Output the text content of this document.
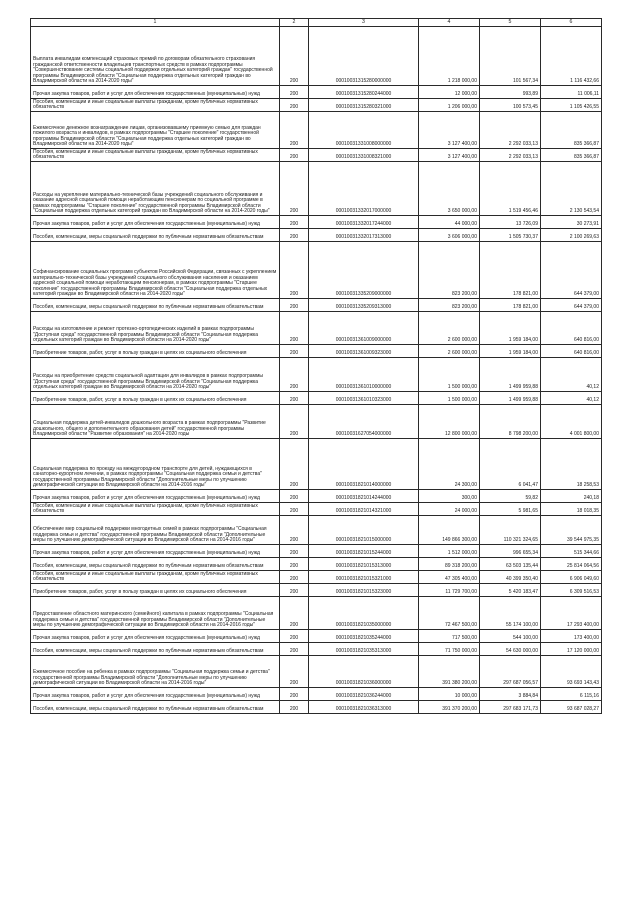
1	2	3	4	5	6
Выплата инвалидам компенсаций страховых премий по договорам обязательного страхования гражданской ответственности владельцев транспортных средств в рамках подпрограммы "Совершенствование системы социальной поддержки отдельных категорий граждан" государственной программы Владимирской области "Социальная поддержка отдельных категорий граждан во Владимирской области на 2014-2020 годы"	200	00010031315280000000	1 218 000,00	101 567,34	1 116 432,66
Прочая закупка товаров, работ и услуг для обеспечения государственных (муниципальных) нужд	200	00010031315280244000	12 000,00	993,89	11 006,11
Пособия, компенсации и иные социальные выплаты гражданам, кроме публичных нормативных обязательств	200	00010031315280321000	1 206 000,00	100 573,45	1 105 426,55
Ежемесячное денежное вознаграждение лицам, организовавшему приемную семью для граждан пожилого возраста и инвалидов, в рамках подпрограммы "Старшее поколение" государственной программы Владимирской области "Социальная поддержка отдельных категорий граждан во Владимирской области на 2014-2020 годы"	200	00010031331008000000	3 127 400,00	2 292 033,13	835 366,87
Пособия, компенсации и иные социальные выплаты гражданам, кроме публичных нормативных обязательств	200	00010031331008321000	3 127 400,00	2 292 033,13	835 366,87
Расходы на укрепление материально-технической базы учреждений социального обслуживания и оказание адресной социальной помощи неработающим пенсионерам по социальной программе в рамках подпрограммы "Старшее поколение" государственной программы Владимирской области "Социальная поддержка отдельных категорий граждан во Владимирской области на 2014-2020 годы"	200	00010031332017000000	3 650 000,00	1 519 456,46	2 130 543,54
Прочая закупка товаров, работ и услуг для обеспечения государственных (муниципальных) нужд	200	00010031332017244000	44 000,00	13 726,09	30 273,91
Пособия, компенсации, меры социальной поддержки по публичным нормативным обязательствам	200	00010031332017313000	3 606 000,00	1 505 730,37	2 100 269,63
Софинансирование социальных программ субъектов Российской Федерации, связанных с укреплением материально-технической базы учреждений социального обслуживания населения и оказанием адресной социальной помощи неработающим пенсионерам, в рамках подпрограммы "Старшее поколение" государственной программы Владимирской области "Социальная поддержка отдельных категорий граждан во Владимирской области на 2014-2020 годы"	200	00010031335209000000	823 200,00	178 821,00	644 379,00
Пособия, компенсации, меры социальной поддержки по публичным нормативным обязательствам	200	00010031335209313000	823 200,00	178 821,00	644 379,00
Расходы на изготовление и ремонт протезно-ортопедических изделий в рамках подпрограммы "Доступная среда" государственной программы Владимирской области "Социальная поддержка отдельных категорий граждан во Владимирской области на 2014-2020 годы"	200	00010031361009000000	2 600 000,00	1 959 184,00	640 816,00
Приобретение товаров, работ, услуг в пользу граждан в целях их социального обеспечения	200	00010031361009323000	2 600 000,00	1 959 184,00	640 816,00
Расходы на приобретение средств социальной адаптации для инвалидов в рамках подпрограммы "Доступная среда" государственной программы Владимирской области "Социальная поддержка отдельных категорий граждан во Владимирской области на 2014-2020 годы"	200	00010031361010000000	1 500 000,00	1 499 959,88	40,12
Приобретение товаров, работ, услуг в пользу граждан в целях их социального обеспечения	200	00010031361010323000	1 500 000,00	1 499 959,88	40,12
Социальная поддержка детей-инвалидов дошкольного возраста в рамках подпрограммы "Развитие дошкольного, общего и дополнительного образования детей" государственной программы Владимирской области "Развитие образования" на 2014-2020 годы	200	00010031627054000000	12 800 000,00	8 798 200,00	4 001 800,00
Социальная поддержка по проезду на междугородном транспорте для детей, нуждающихся в санаторно-курортном лечении, в рамках подпрограммы "Социальная поддержка семьи и детства" государственной программы Владимирской области "Дополнительные меры по улучшению демографической ситуации во Владимирской области на 2014-2016 годы"	200	00010031821014000000	24 300,00	6 041,47	18 258,53
Прочая закупка товаров, работ и услуг для обеспечения государственных (муниципальных) нужд	200	00010031821014244000	300,00	59,82	240,18
Пособия, компенсации и иные социальные выплаты гражданам, кроме публичных нормативных обязательств	200	00010031821014321000	24 000,00	5 981,65	18 018,35
Обеспечение мер социальной поддержки многодетных семей в рамках подпрограммы "Социальная поддержка семьи и детства" государственной программы Владимирской области "Дополнительные меры по улучшению демографической ситуации во Владимирской области на 2014-2016 годы"	200	00010031821015000000	149 866 300,00	110 321 324,65	39 544 975,35
Прочая закупка товаров, работ и услуг для обеспечения государственных (муниципальных) нужд	200	00010031821015244000	1 512 000,00	996 655,34	515 344,66
Пособия, компенсации, меры социальной поддержки по публичным нормативным обязательствам	200	00010031821015313000	89 318 200,00	63 503 135,44	25 814 064,56
Пособия, компенсации и иные социальные выплаты гражданам, кроме публичных нормативных обязательств	200	00010031821015321000	47 305 400,00	40 399 350,40	6 906 049,60
Приобретение товаров, работ, услуг в пользу граждан в целях их социального обеспечения	200	00010031821015323000	11 729 700,00	5 420 183,47	6 309 516,53
Предоставление областного материнского (семейного) капитала в рамках подпрограммы "Социальная поддержка семьи и детства" государственной программы Владимирской области "Дополнительные меры по улучшению демографической ситуации во Владимирской области на 2014-2016 годы"	200	00010031821035000000	72 467 500,00	55 174 100,00	17 293 400,00
Прочая закупка товаров, работ и услуг для обеспечения государственных (муниципальных) нужд	200	00010031821035244000	717 500,00	544 100,00	173 400,00
Пособия, компенсации, меры социальной поддержки по публичным нормативным обязательствам	200	00010031821035313000	71 750 000,00	54 630 000,00	17 120 000,00
Ежемесячное пособие на ребенка в рамках подпрограммы "Социальная поддержка семьи и детства" государственной программы Владимирской области "Дополнительные меры по улучшению демографической ситуации во Владимирской области на 2014-2016 годы"	200	00010031821036000000	391 380 200,00	297 687 056,57	93 693 143,43
Прочая закупка товаров, работ и услуг для обеспечения государственных (муниципальных) нужд	200	00010031821036244000	10 000,00	3 884,84	6 115,16
Пособия, компенсации, меры социальной поддержки по публичным нормативным обязательствам	200	00010031821036313000	391 370 200,00	297 683 171,73	93 687 028,27
